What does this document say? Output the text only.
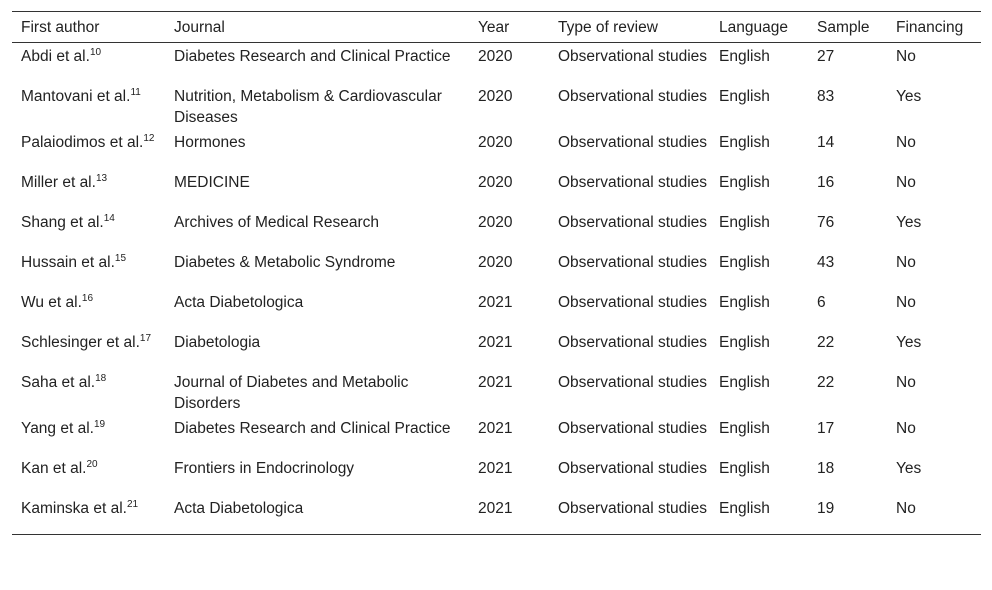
First author	Journal	Year	Type of review	Language	Sample	Financing
Abdi et al.$^{10}$	Diabetes Research and Clinical Practice	2020	Observational studies	English	27	No
Mantovani et al.$^{11}$	Nutrition, Metabolism & Cardiovascular Diseases	2020	Observational studies	English	83	Yes
Palaiodimos et al.$^{12}$	Hormones	2020	Observational studies	English	14	No
Miller et al.$^{13}$	MEDICINE	2020	Observational studies	English	16	No
Shang et al.$^{14}$	Archives of Medical Research	2020	Observational studies	English	76	Yes
Hussain et al.$^{15}$	Diabetes & Metabolic Syndrome	2020	Observational studies	English	43	No
Wu et al.$^{16}$	Acta Diabetologica	2021	Observational studies	English	6	No
Schlesinger et al.$^{17}$	Diabetologia	2021	Observational studies	English	22	Yes
Saha et al.$^{18}$	Journal of Diabetes and Metabolic Disorders	2021	Observational studies	English	22	No
Yang et al.$^{19}$	Diabetes Research and Clinical Practice	2021	Observational studies	English	17	No
Kan et al.$^{20}$	Frontiers in Endocrinology	2021	Observational studies	English	18	Yes
Kaminska et al.$^{21}$	Acta Diabetologica	2021	Observational studies	English	19	No
